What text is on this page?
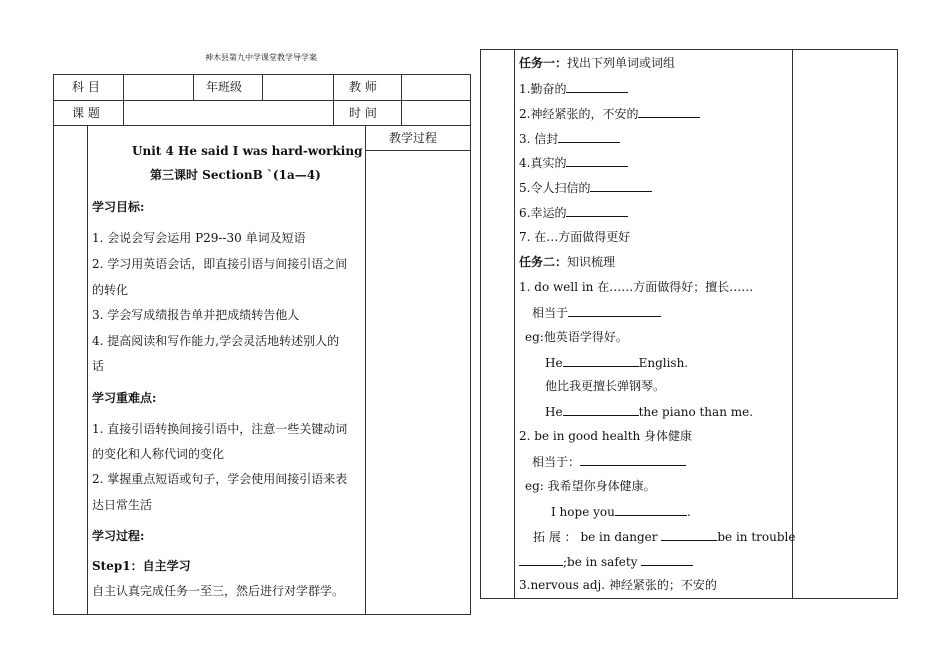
神木县第九中学课堂教学导学案
科 目	年班级	教 师
课 题	时 间
教学过程
Unit 4 He said I was hard-working
第三课时 SectionB `(1a—4)
学习目标:
1. 会说会写会运用 P29--30 单词及短语
2. 学习用英语会话，即直接引语与间接引语之间
的转化
3. 学会写成绩报告单并把成绩转告他人
4. 提高阅读和写作能力,学会灵活地转述别人的
话
学习重难点:
1. 直接引语转换间接引语中，注意一些关键动词
的变化和人称代词的变化
2. 掌握重点短语或句子，学会使用间接引语来表
达日常生活
学习过程:
Step1：自主学习
自主认真完成任务一至三，然后进行对学群学。
任务一：找出下列单词或词组
1.勤奋的
2.神经紧张的，不安的
3. 信封
4.真实的
5.令人扫信的
6.幸运的
7. 在…方面做得更好
任务二：知识梳理
1. do well in 在……方面做得好；擅长……
相当于
eg:他英语学得好。
He	English.
他比我更擅长弹钢琴。
He	the piano than me.
2. be in good health 身体健康
相当于：
eg: 我希望你身体健康。
I hope you	.
拓 展 ： be in danger	be in trouble
;be in safety
3.nervous adj. 神经紧张的；不安的
